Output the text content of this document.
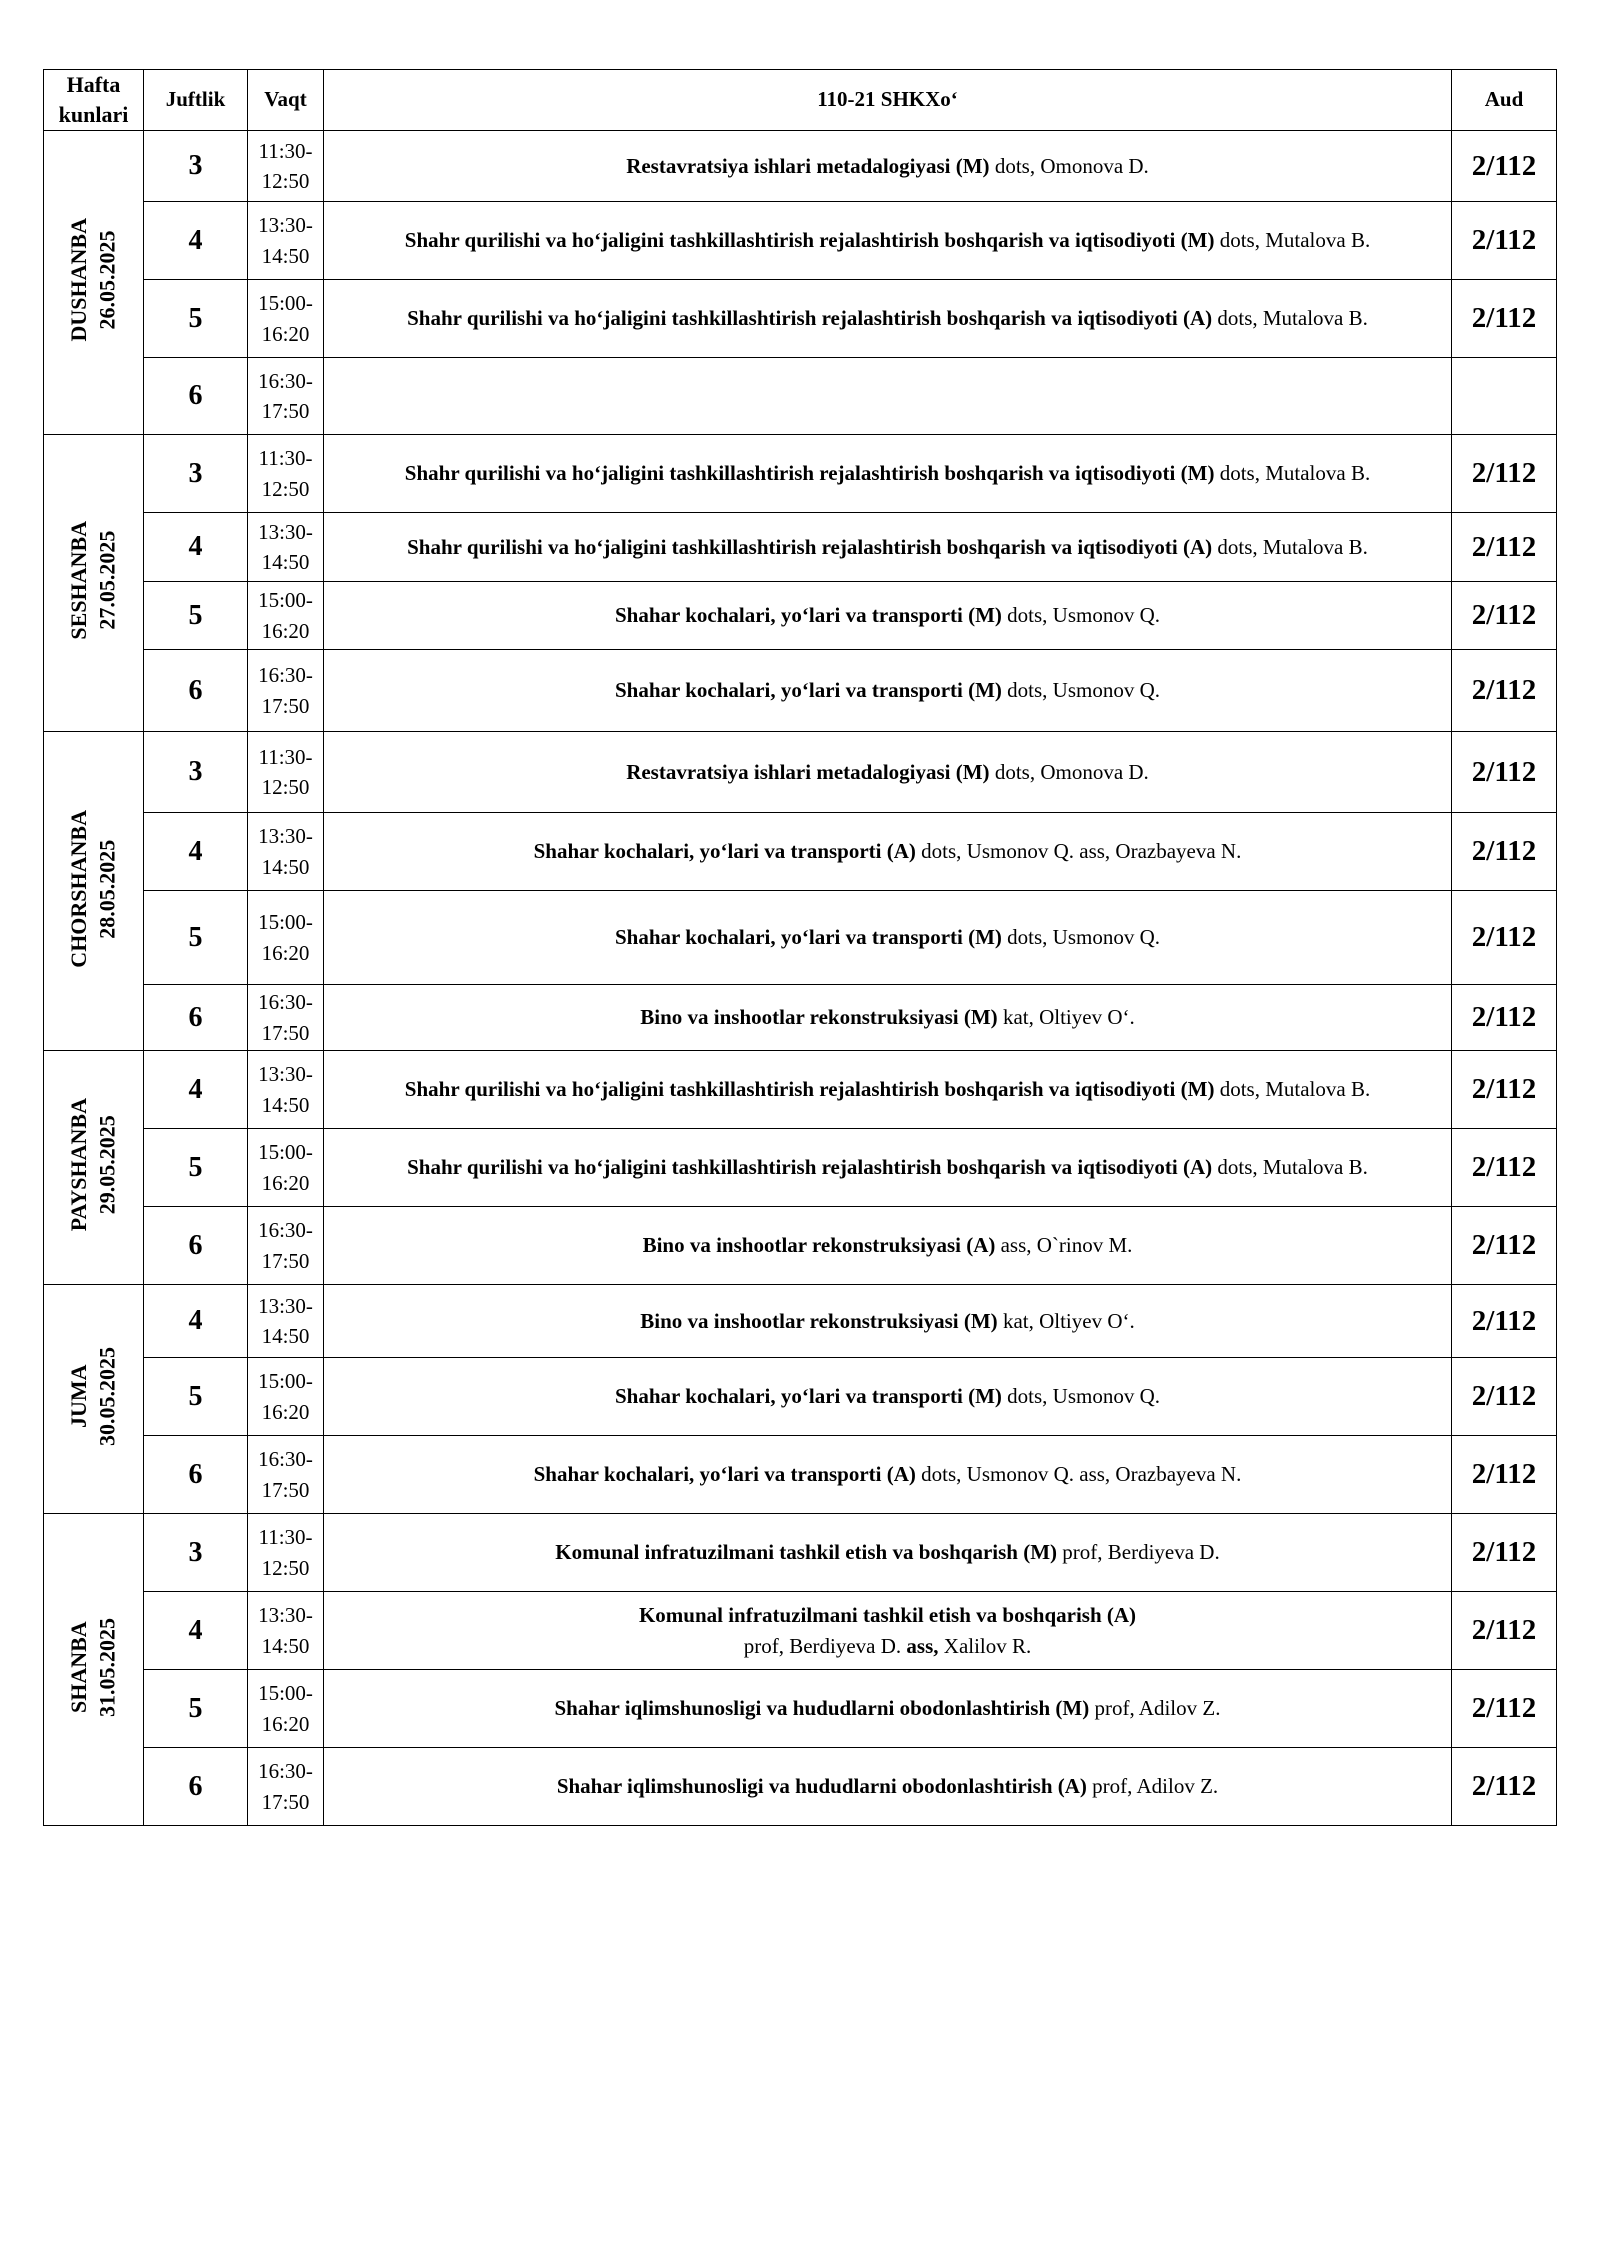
Hafta kunlari	Juftlik	Vaqt	110-21 SHKXo‘	Aud

DUSHANBA 26.05.2025	3	11:30-12:50	Restavratsiya ishlari metadalogiyasi (M) dots, Omonova D.	2/112
	4	13:30-14:50	Shahr qurilishi va ho‘jaligini tashkillashtirish rejalashtirish boshqarish va iqtisodiyoti (M) dots, Mutalova B.	2/112
	5	15:00-16:20	Shahr qurilishi va ho‘jaligini tashkillashtirish rejalashtirish boshqarish va iqtisodiyoti (A) dots, Mutalova B.	2/112
	6	16:30-17:50		

SESHANBA 27.05.2025	3	11:30-12:50	Shahr qurilishi va ho‘jaligini tashkillashtirish rejalashtirish boshqarish va iqtisodiyoti (M) dots, Mutalova B.	2/112
	4	13:30-14:50	Shahr qurilishi va ho‘jaligini tashkillashtirish rejalashtirish boshqarish va iqtisodiyoti (A) dots, Mutalova B.	2/112
	5	15:00-16:20	Shahar kochalari, yo‘lari va transporti (M) dots, Usmonov Q.	2/112
	6	16:30-17:50	Shahar kochalari, yo‘lari va transporti (M) dots, Usmonov Q.	2/112

CHORSHANBA 28.05.2025	3	11:30-12:50	Restavratsiya ishlari metadalogiyasi (M) dots, Omonova D.	2/112
	4	13:30-14:50	Shahar kochalari, yo‘lari va transporti (A) dots, Usmonov Q. ass, Orazbayeva N.	2/112
	5	15:00-16:20	Shahar kochalari, yo‘lari va transporti (M) dots, Usmonov Q.	2/112
	6	16:30-17:50	Bino va inshootlar rekonstruksiyasi (M) kat, Oltiyev O‘.	2/112

PAYSHANBA 29.05.2025	4	13:30-14:50	Shahr qurilishi va ho‘jaligini tashkillashtirish rejalashtirish boshqarish va iqtisodiyoti (M) dots, Mutalova B.	2/112
	5	15:00-16:20	Shahr qurilishi va ho‘jaligini tashkillashtirish rejalashtirish boshqarish va iqtisodiyoti (A) dots, Mutalova B.	2/112
	6	16:30-17:50	Bino va inshootlar rekonstruksiyasi (A) ass, O`rinov M.	2/112

JUMA 30.05.2025	4	13:30-14:50	Bino va inshootlar rekonstruksiyasi (M) kat, Oltiyev O‘.	2/112
	5	15:00-16:20	Shahar kochalari, yo‘lari va transporti (M) dots, Usmonov Q.	2/112
	6	16:30-17:50	Shahar kochalari, yo‘lari va transporti (A) dots, Usmonov Q. ass, Orazbayeva N.	2/112

SHANBA 31.05.2025	3	11:30-12:50	Komunal infratuzilmani tashkil etish va boshqarish (M) prof, Berdiyeva D.	2/112
	4	13:30-14:50	Komunal infratuzilmani tashkil etish va boshqarish (A)
prof, Berdiyeva D. ass, Xalilov R.	2/112
	5	15:00-16:20	Shahar iqlimshunosligi va hududlarni obodonlashtirish (M) prof, Adilov Z.	2/112
	6	16:30-17:50	Shahar iqlimshunosligi va hududlarni obodonlashtirish (A) prof, Adilov Z.	2/112
